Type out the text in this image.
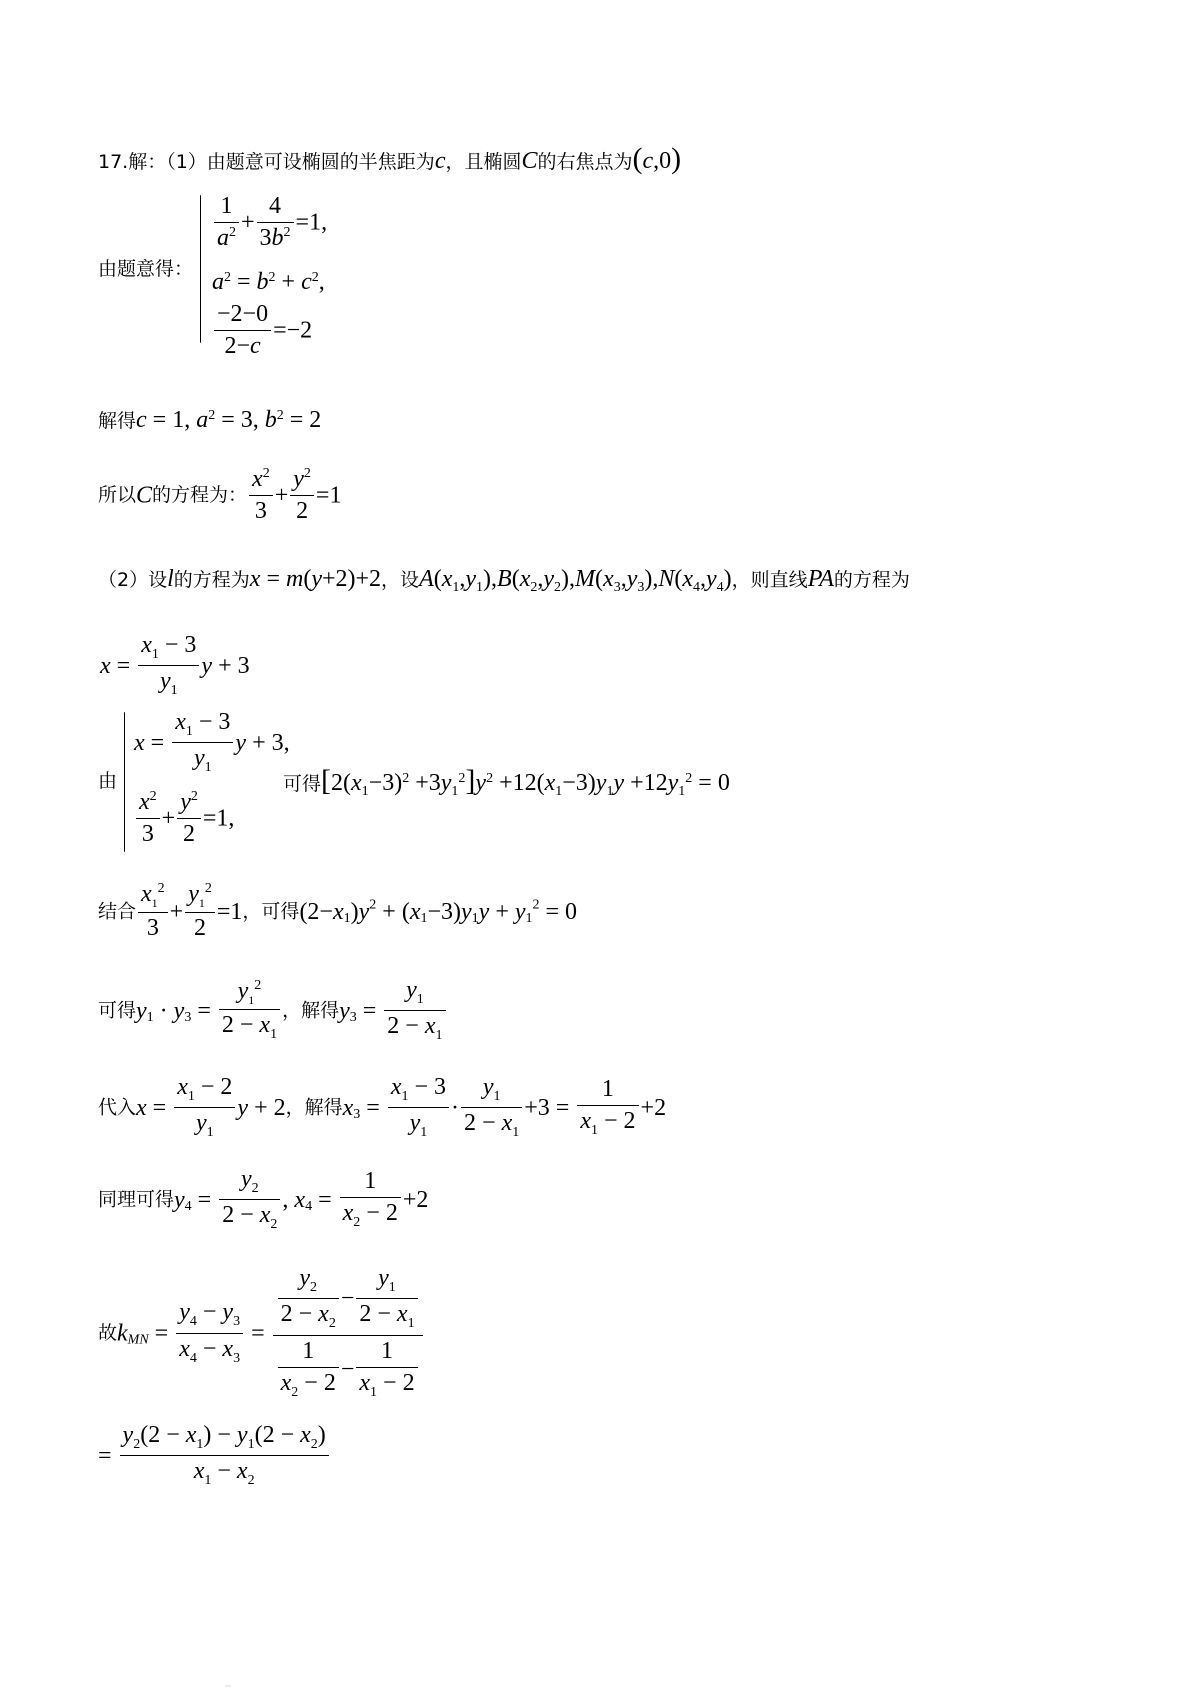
17.解：（1）由题意可设椭圆的半焦距为c，且椭圆C的右焦点为(c,0)
由题意得：
$\frac{1}{a^2} + \frac{4}{3b^2} =1$,
$a^2 = b^2 + c^2$,
$\frac{-2-0}{2-c} =-2$
解得c = 1, $a^2 = 3$, $b^2 = 2$
所以C的方程为： $\frac{x^2}{3} + \frac{y^2}{2} =1$
（2）设l的方程为x = m(y+2)+2，设$A(x_1,y_1),B(x_2,y_2),M(x_3,y_3),N(x_4,y_4)$，则直线PA的方程为
$x = \frac{x_1 - 3}{y_1}$ y + 3
由
$x = \frac{x_1 - 3}{y_1}$ y + 3,
$\frac{x^2}{3} + \frac{y^2}{2} =1$,
可得$[2(x_1-3)^2 +3y_1^2]y^2 +12(x_1-3)y_1y +12y_1^2 = 0$
结合 $\frac{x_1^2}{3} + \frac{y_1^2}{2} =1$，可得$(2-x_1)y^2 + (x_1-3)y_1y + y_1^2 = 0$
可得$y_1 \cdot y_3 = \frac{y_1^2}{2 - x_1}$ ，解得$y_3 = \frac{y_1}{2 - x_1}$
代入$x = \frac{x_1 - 2}{y_1}$ y + 2，解得$x_3 = \frac{x_1 - 3}{y_1} \cdot \frac{y_1}{2 - x_1} +3 = \frac{1}{x_1 - 2} +2$
同理可得$y_4 = \frac{y_2}{2 - x_2}$ , $x_4 = \frac{1}{x_2 - 2} +2$
故$k_{MN} = \frac{y_4 - y_3}{x_4 - x_3} = \frac{\frac{y_2}{2 - x_2} - \frac{y_1}{2 - x_1}}{\frac{1}{x_2 - 2} - \frac{1}{x_1 - 2}}$
= $\frac{y_2(2 - x_1) - y_1(2 - x_2)}{x_1 - x_2}$
